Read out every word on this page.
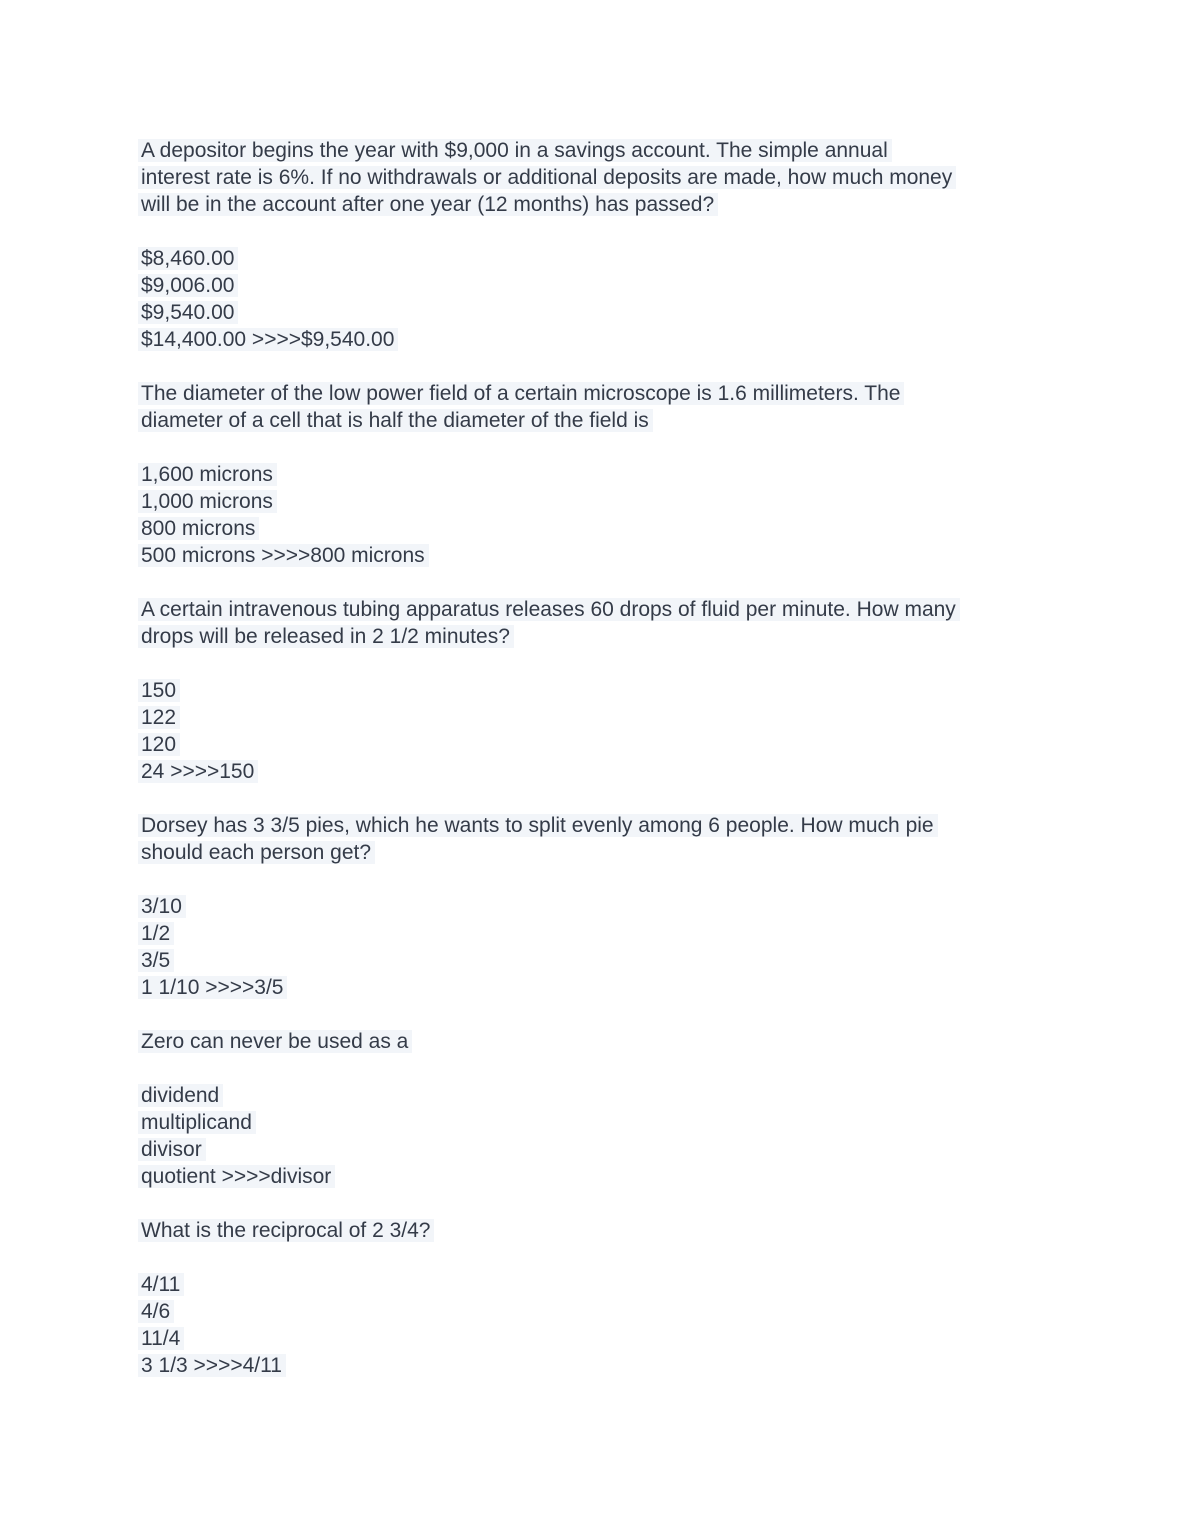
A depositor begins the year with $9,000 in a savings account. The simple annual
interest rate is 6%. If no withdrawals or additional deposits are made, how much money
will be in the account after one year (12 months) has passed?
$8,460.00
$9,006.00
$9,540.00
$14,400.00 >>>>$9,540.00
The diameter of the low power field of a certain microscope is 1.6 millimeters. The
diameter of a cell that is half the diameter of the field is
1,600 microns
1,000 microns
800 microns
500 microns >>>>800 microns
A certain intravenous tubing apparatus releases 60 drops of fluid per minute. How many
drops will be released in 2 1/2 minutes?
150
122
120
24 >>>>150
Dorsey has 3 3/5 pies, which he wants to split evenly among 6 people. How much pie
should each person get?
3/10
1/2
3/5
1 1/10 >>>>3/5
Zero can never be used as a
dividend
multiplicand
divisor
quotient >>>>divisor
What is the reciprocal of 2 3/4?
4/11
4/6
11/4
3 1/3 >>>>4/11
